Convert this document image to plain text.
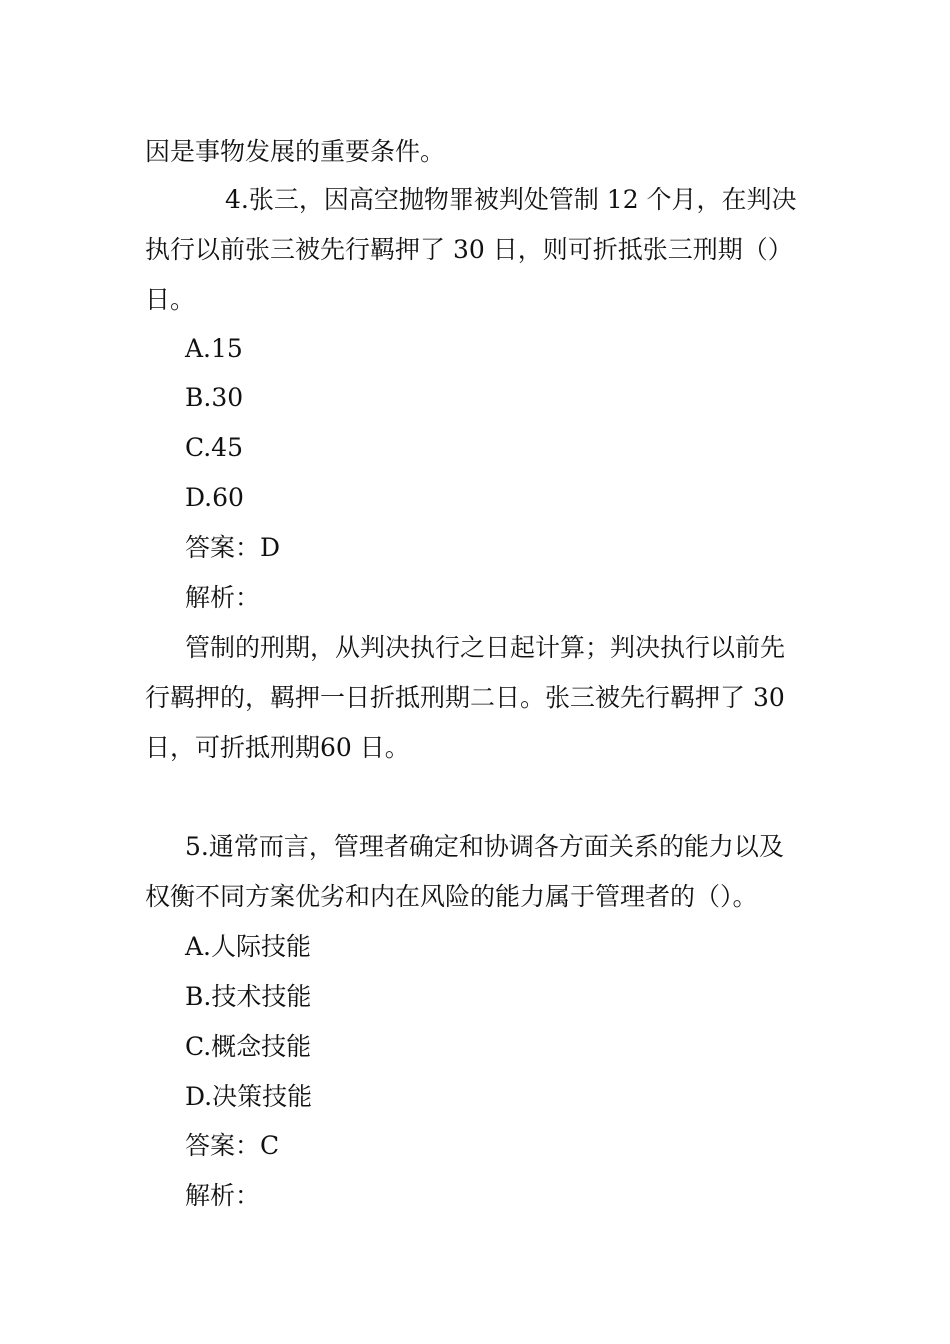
因是事物发展的重要条件。
4.张三，因高空抛物罪被判处管制 12 个月，在判决
执行以前张三被先行羁押了 30 日，则可折抵张三刑期（）
日。
A.15
B.30
C.45
D.60
答案：D
解析：
管制的刑期，从判决执行之日起计算；判决执行以前先
行羁押的，羁押一日折抵刑期二日。张三被先行羁押了 30
日，可折抵刑期60 日。
5.通常而言，管理者确定和协调各方面关系的能力以及
权衡不同方案优劣和内在风险的能力属于管理者的（）。
A.人际技能
B.技术技能
C.概念技能
D.决策技能
答案：C
解析：
